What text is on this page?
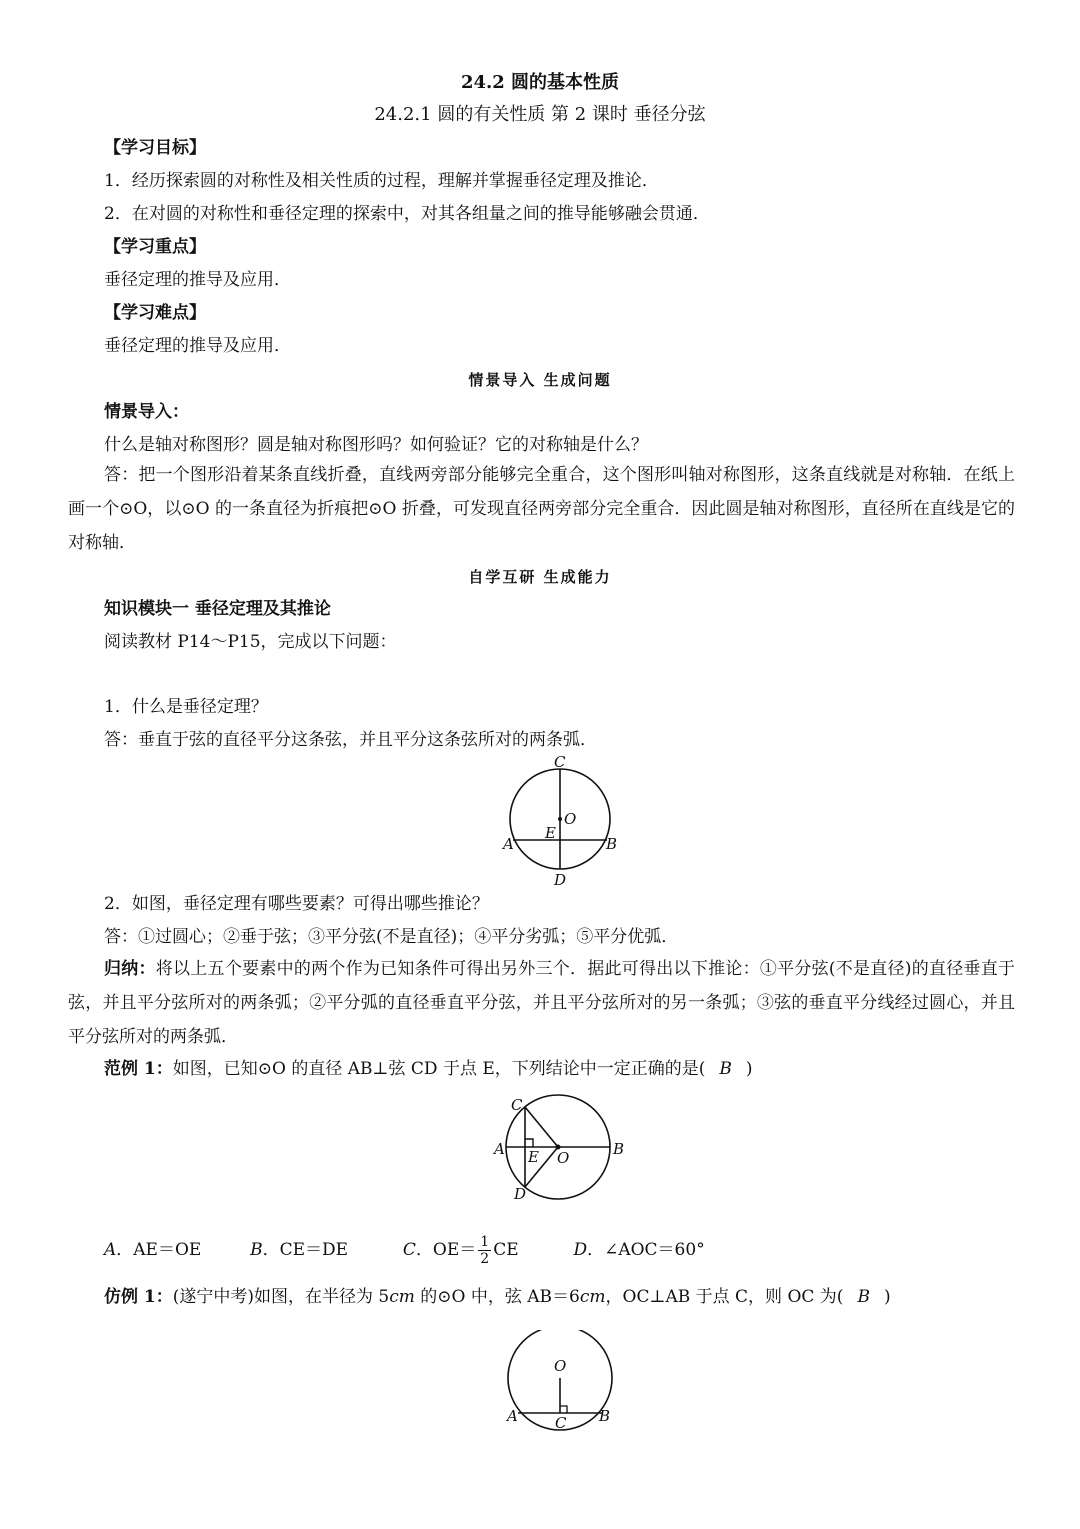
24.2 圆的基本性质
24.2.1 圆的有关性质 第 2 课时 垂径分弦
【学习目标】
1．经历探索圆的对称性及相关性质的过程，理解并掌握垂径定理及推论．
2．在对圆的对称性和垂径定理的探索中，对其各组量之间的推导能够融会贯通．
【学习重点】
垂径定理的推导及应用．
【学习难点】
垂径定理的推导及应用．
情景导入 生成问题
情景导入：
什么是轴对称图形？圆是轴对称图形吗？如何验证？它的对称轴是什么？
答：把一个图形沿着某条直线折叠，直线两旁部分能够完全重合，这个图形叫轴对称图形，这条直线就是对称轴．在纸上画一个⊙O，以⊙O 的一条直径为折痕把⊙O 折叠，可发现直径两旁部分完全重合．因此圆是轴对称图形，直径所在直线是它的对称轴．
自学互研 生成能力
知识模块一 垂径定理及其推论
阅读教材 P14～P15，完成以下问题：
1．什么是垂径定理？
答：垂直于弦的直径平分这条弦，并且平分这条弦所对的两条弧．
C
O
E
A	B
D
2．如图，垂径定理有哪些要素？可得出哪些推论？
答：①过圆心；②垂于弦；③平分弦(不是直径)；④平分劣弧；⑤平分优弧．
归纳：将以上五个要素中的两个作为已知条件可得出另外三个．据此可得出以下推论：①平分弦(不是直径)的直径垂直于弦，并且平分弦所对的两条弧；②平分弧的直径垂直平分弦，并且平分弦所对的另一条弧；③弦的垂直平分线经过圆心，并且平分弦所对的两条弧．
范例 1：如图，已知⊙O 的直径 AB⊥弦 CD 于点 E，下列结论中一定正确的是( B )
C
A E O	B
D
A．AE＝OE	B．CE＝DE	C．$OE= \frac{1}{2}$ CE	D．∠AOC＝60°
仿例 1：(遂宁中考)如图，在半径为 5cm 的⊙O 中，弦 AB＝6cm，OC⊥AB 于点 C，则 OC 为( B )
O
A C B
